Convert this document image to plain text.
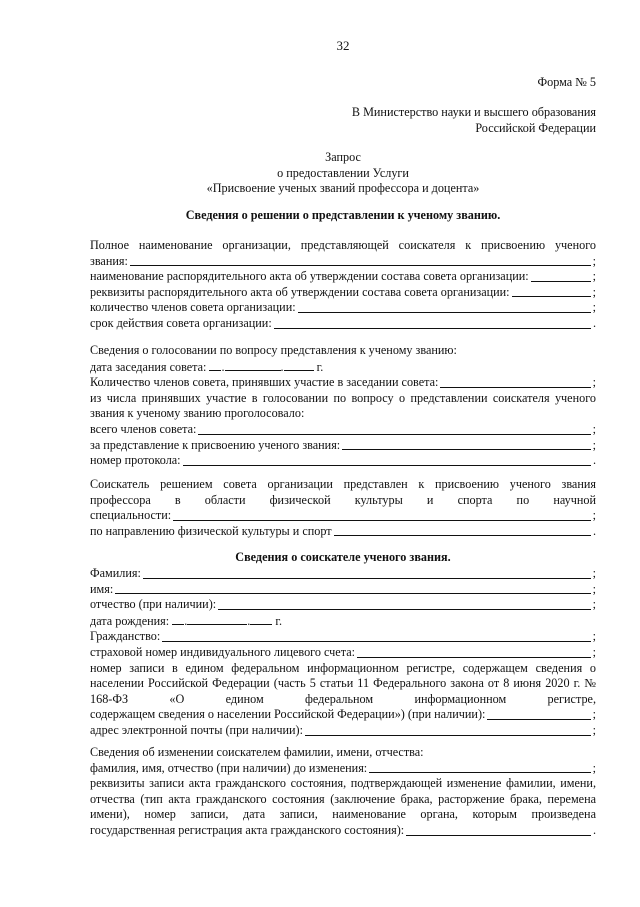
32
Форма № 5
В Министерство науки и высшего образования
Российской Федерации
Запрос
о предоставлении Услуги
«Присвоение ученых званий профессора и доцента»
Сведения о решении о представлении к ученому званию.
Полное наименование организации, представляющей соискателя к присвоению ученого
звания:	;
наименование распорядительного акта об утверждении состава совета организации:	;
реквизиты распорядительного акта об утверждении состава совета организации:	;
количество членов совета организации:	;
срок действия совета организации:	.
Сведения о голосовании по вопросу представления к ученому званию:
дата заседания совета: .	.	г.
Количество членов совета, принявших участие в заседании совета:	;
из числа принявших участие в голосовании по вопросу о представлении соискателя ученого звания к ученому званию проголосовало:
всего членов совета:	;
за представление к присвоению ученого звания:	;
номер протокола:	.
Соискатель решением совета организации представлен к присвоению ученого звания профессора в области физической культуры и спорта по научной
специальности:	;
по направлению физической культуры и спорт	.
Сведения о соискателе ученого звания.
Фамилия:	;
имя:	;
отчество (при наличии):	;
дата рождения: .	. г.
Гражданство:	;
страховой номер индивидуального лицевого счета:	;
номер записи в едином федеральном информационном регистре, содержащем сведения о населении Российской Федерации (часть 5 статьи 11 Федерального закона от 8 июня 2020 г. № 168-ФЗ «О едином федеральном информационном регистре,
содержащем сведения о населении Российской Федерации») (при наличии):	;
адрес электронной почты (при наличии):	;
Сведения об изменении соискателем фамилии, имени, отчества:
фамилия, имя, отчество (при наличии) до изменения:	;
реквизиты записи акта гражданского состояния, подтверждающей изменение фамилии, имени, отчества (тип акта гражданского состояния (заключение брака, расторжение брака, перемена имени), номер записи, дата записи, наименование органа, которым произведена
государственная регистрация акта гражданского состояния):	.
